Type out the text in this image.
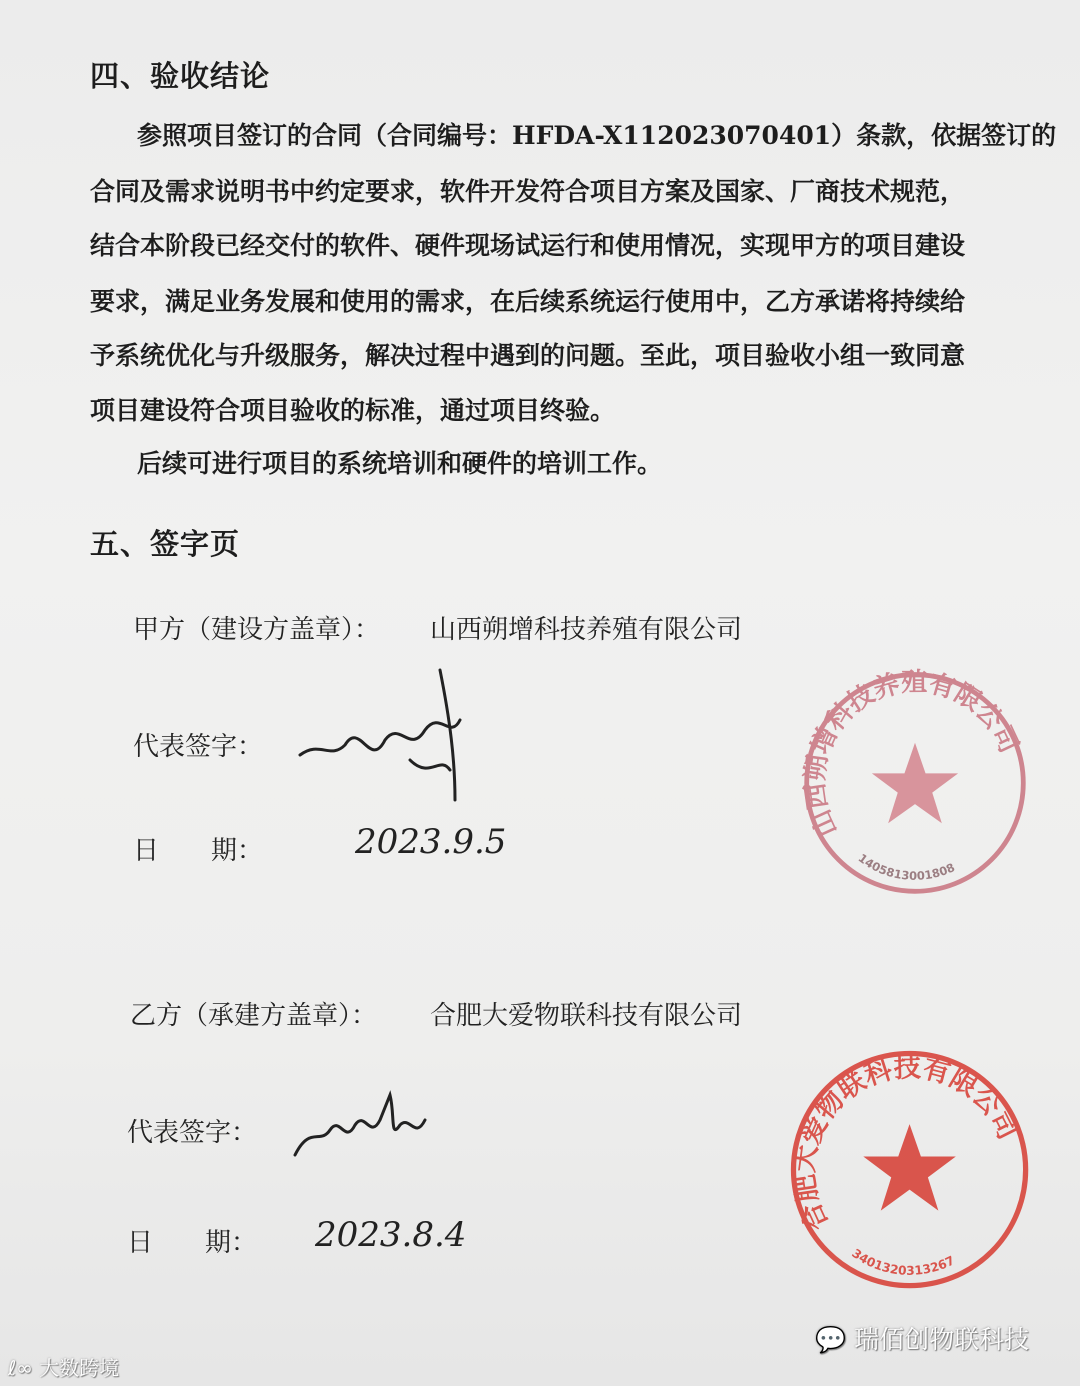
四、验收结论
参照项目签订的合同（合同编号：HFDA-X112023070401）条款，依据签订的
合同及需求说明书中约定要求，软件开发符合项目方案及国家、厂商技术规范，
结合本阶段已经交付的软件、硬件现场试运行和使用情况，实现甲方的项目建设
要求，满足业务发展和使用的需求，在后续系统运行使用中，乙方承诺将持续给
予系统优化与升级服务，解决过程中遇到的问题。至此，项目验收小组一致同意
项目建设符合项目验收的标准，通过项目终验。
后续可进行项目的系统培训和硬件的培训工作。
五、签字页
甲方（建设方盖章）： 山西朔增科技养殖有限公司
代表签字：
日　　期：	2023.9.5	山西朔增科技养殖有限公司
1405813001808
乙方（承建方盖章）： 合肥大爱物联科技有限公司
代表签字：
日　　期： 2023.8.4	合肥大爱物联科技有限公司
3401320313267
ℓ∞ 大数跨境
💬 瑞佰创物联科技
